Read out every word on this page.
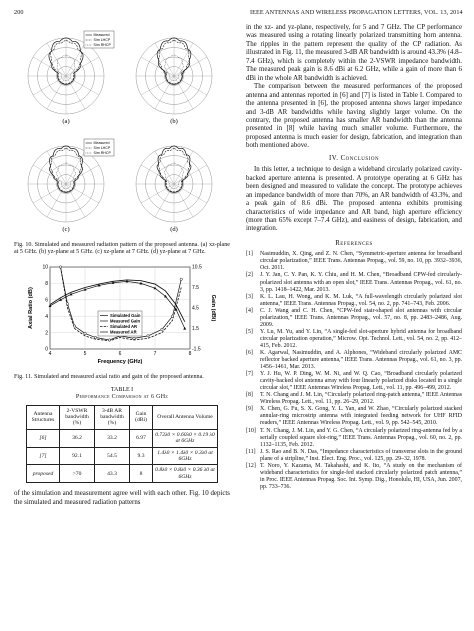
200	IEEE ANTENNAS AND WIRELESS PROPAGATION LETTERS, VOL. 13, 2014
(a)	(b)
(c)	(d)
Measured
Sim LHCP
Sim RHCP
Measured
Sim LHCP
Sim RHCP
Fig. 10. Simulated and measured radiation pattern of the proposed antenna. (a) xz-plane at 5 GHz. (b) yz-plane at 5 GHz. (c) xz-plane at 7 GHz. (d) yz-plane at 7 GHz.
4	5	6	7	8
0
2
4
6
8
10
-1.5
1.5
4.5
7.5
10.5
Frequency (GHz)
Axial Ratio (dB)	Gain (dBi)
Simulated Gain
Measured Gain
Simulated AR
Measured AR
Fig. 11. Simulated and measured axial ratio and gain of the proposed antenna.
TABLE I
Performance Comparison at 6 GHz
Antenna Structures	2-VSWR bandwidth (%)	3-dB AR bandwidth (%)	Gain (dBi)	Overall Antenna Volume
[6]	36.2	33.2	6.97	0.72λ0 × 0.60λ0 × 0.19 λ0 at 6GHz
[7]	92.1	54.5	9.3	1.4λ0 × 1.4λ0 × 0.3λ0 at 6GHz
proposed	>70	43.3	8	0.8λ0 × 0.8λ0 × 0.36 λ0 at 6GHz

of the simulation and measurement agree well with each other. Fig. 10 depicts the simulated and measured radiation patterns

in the xz- and yz-plane, respectively, for 5 and 7 GHz. The CP performance was measured using a rotating linearly polarized transmitting horn antenna. The ripples in the pattern represent the quality of the CP radiation. As illustrated in Fig. 11, the measured 3-dB AR bandwidth is around 43.3% (4.8–7.4 GHz), which is completely within the 2-VSWR impedance bandwidth. The measured peak gain is 8.6 dBi at 6.2 GHz, while a gain of more than 6 dBi in the whole AR bandwidth is achieved.

The comparison between the measured performances of the proposed antenna and antennas reported in [6] and [7] is listed in Table I. Compared to the antenna presented in [6], the proposed antenna shows larger impedance and 3-dB AR bandwidths while having slightly larger volume. On the contrary, the proposed antenna has smaller AR bandwidth than the antenna presented in [8] while having much smaller volume. Furthermore, the proposed antenna is much easier for design, fabrication, and integration than both mentioned above.

IV. Conclusion

In this letter, a technique to design a wideband circularly polarized cavity-backed aperture antenna is presented. A prototype operating at 6 GHz has been designed and measured to validate the concept. The prototype achieves an impedance bandwidth of more than 70%, an AR bandwidth of 43.3%, and a peak gain of 8.6 dBi. The proposed antenna exhibits promising characteristics of wide impedance and AR band, high aperture efficiency (more than 65% except 7–7.4 GHz), and easiness of design, fabrication, and integration.

References
[1] Nasimuddin, X. Qing, and Z. N. Chen, “Symmetric-aperture antenna for broadband circular polarization,” IEEE Trans. Antennas Propag., vol. 59, no. 10, pp. 3932–3936, Oct. 2011.
[2] J. Y. Jan, C. Y. Pan, K. Y. Chiu, and H. M. Chen, “Broadband CPW-fed circularly-polarized slot antenna with an open slot,” IEEE Trans. Antennas Propag., vol. 61, no. 3, pp. 1418–1422, Mar. 2013.
[3] K. L. Lau, H. Wong, and K. M. Luk, “A full-wavelength circularly polarized slot antenna,” IEEE Trans. Antennas Propag., vol. 54, no. 2, pp. 741–743, Feb. 2006.
[4] C. J. Wang and C. H. Chen, “CPW-fed stair-shaped slot antennas with circular polarization,” IEEE Trans. Antennas Propag., vol. 57, no. 8, pp. 2483–2486, Aug. 2009.
[5] Y. Lu, M. Yu, and Y. Lin, “A single-fed slot-aperture hybrid antenna for broadband circular polarization operation,” Microw. Opt. Technol. Lett., vol. 54, no. 2, pp. 412–415, Feb. 2012.
[6] K. Agarwal, Nasimuddin, and A. Alphones, “Wideband circularly polarized AMC reflector backed aperture antenna,” IEEE Trans. Antennas Propag., vol. 61, no. 3, pp. 1456–1461, Mar. 2013.
[7] Y. J. Hu, W. P. Ding, W. M. Ni, and W. Q. Cao, “Broadband circularly polarized cavity-backed slot antenna array with four linearly polarized disks located in a single circular slot,” IEEE Antennas Wireless Propag. Lett., vol. 11, pp. 496–499, 2012.
[8] T. N. Chang and J. M. Lin, “Circularly polarized ring-patch antenna,” IEEE Antennas Wireless Propag. Lett., vol. 11, pp. 26–29, 2012.
[9] X. Chen, G. Fu, S. X. Gong, Y. L. Yan, and W. Zhao, “Circularly polarized stacked annular-ring microstrip antenna with integrated feeding network for UHF RFID readers,” IEEE Antennas Wireless Propag. Lett., vol. 9, pp. 542–545, 2010.
[10] T. N. Chang, J. M. Lin, and Y. G. Chen, “A circularly polarized ring-antenna fed by a serially coupled square slot-ring,” IEEE Trans. Antennas Propag., vol. 60, no. 2, pp. 1132–1135, Feb. 2012.
[11] J. S. Rao and B. N. Das, “Impedance characteristics of transverse slots in the ground plane of a stripline,” Inst. Elect. Eng. Proc., vol. 125, pp. 29–32, 1978.
[12] T. Noro, Y. Kazama, M. Takahashi, and K. Ito, “A study on the mechanism of wideband characteristics for single-fed stacked circularly polarized patch antenna,” in Proc. IEEE Antennas Propag. Soc. Int. Symp. Dig., Honolulu, HI, USA, Jun. 2007, pp. 733–736.
